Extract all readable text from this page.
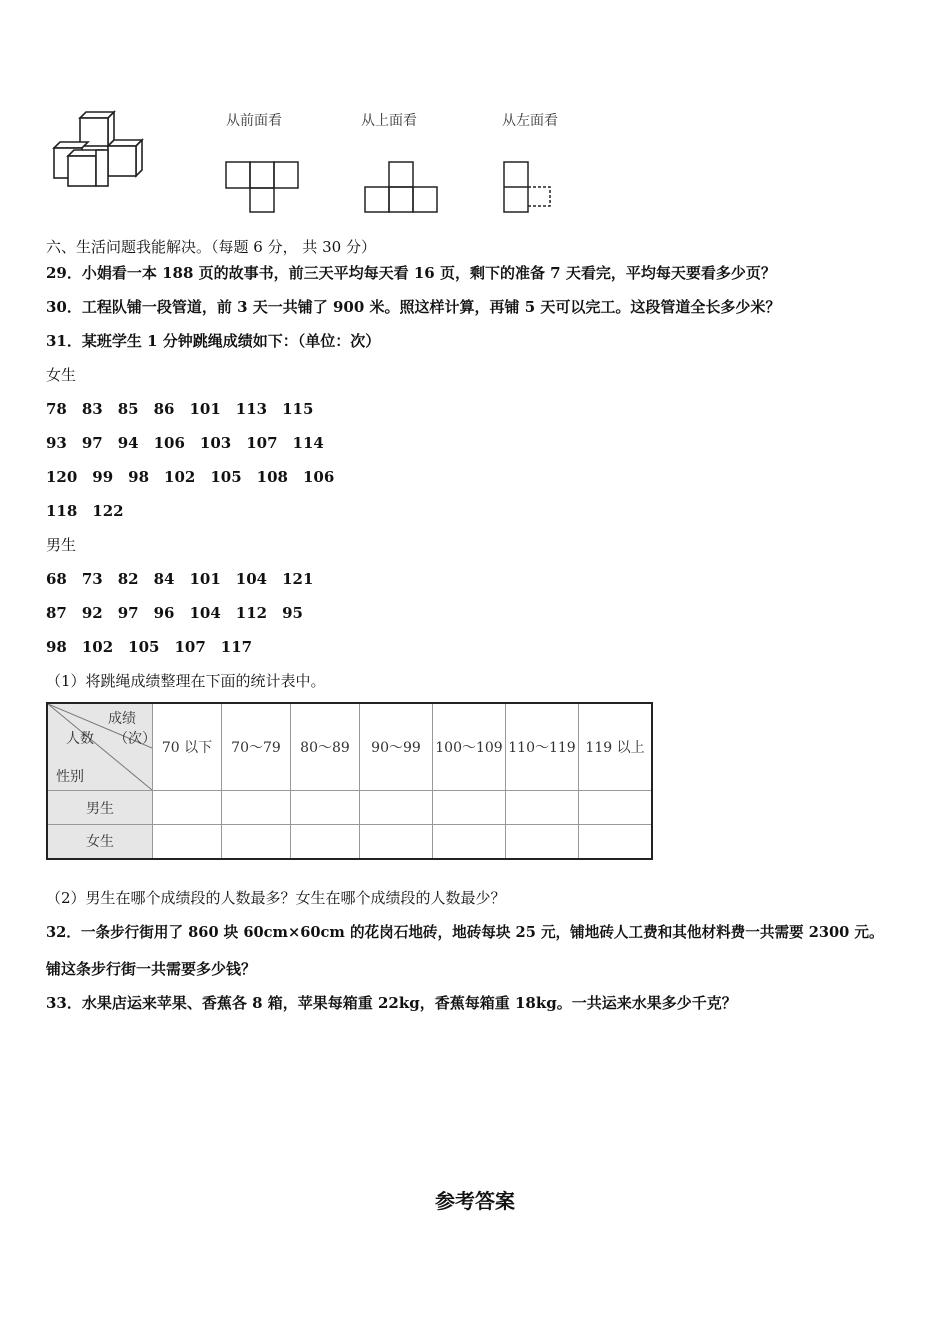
从前面看	从上面看	从左面看
六、生活问题我能解决。（每题 6 分， 共 30 分）
29．小娟看一本 188 页的故事书，前三天平均每天看 16 页，剩下的准备 7 天看完，平均每天要看多少页？
30．工程队铺一段管道，前 3 天一共铺了 900 米。照这样计算，再铺 5 天可以完工。这段管道全长多少米？
31．某班学生 1 分钟跳绳成绩如下：（单位：次）
女生
78　83　85　86　101　113　115
93　97　94　106　103　107　114
120　99　98　102　105　108　106
118　122
男生
68　73　82　84　101　104　121
87　92　97　96　104　112　95
98　102　105　107　117
（1）将跳绳成绩整理在下面的统计表中。
成绩
（次）
人数
性别	70 以下	70～79	80～89	90～99	100～109	110～119	119 以上
男生							
女生							
（2）男生在哪个成绩段的人数最多？女生在哪个成绩段的人数最少？
32．一条步行街用了 860 块 60cm×60cm 的花岗石地砖，地砖每块 25 元，铺地砖人工费和其他材料费一共需要 2300 元。
铺这条步行街一共需要多少钱？
33．水果店运来苹果、香蕉各 8 箱，苹果每箱重 22kg，香蕉每箱重 18kg。一共运来水果多少千克？
参考答案
